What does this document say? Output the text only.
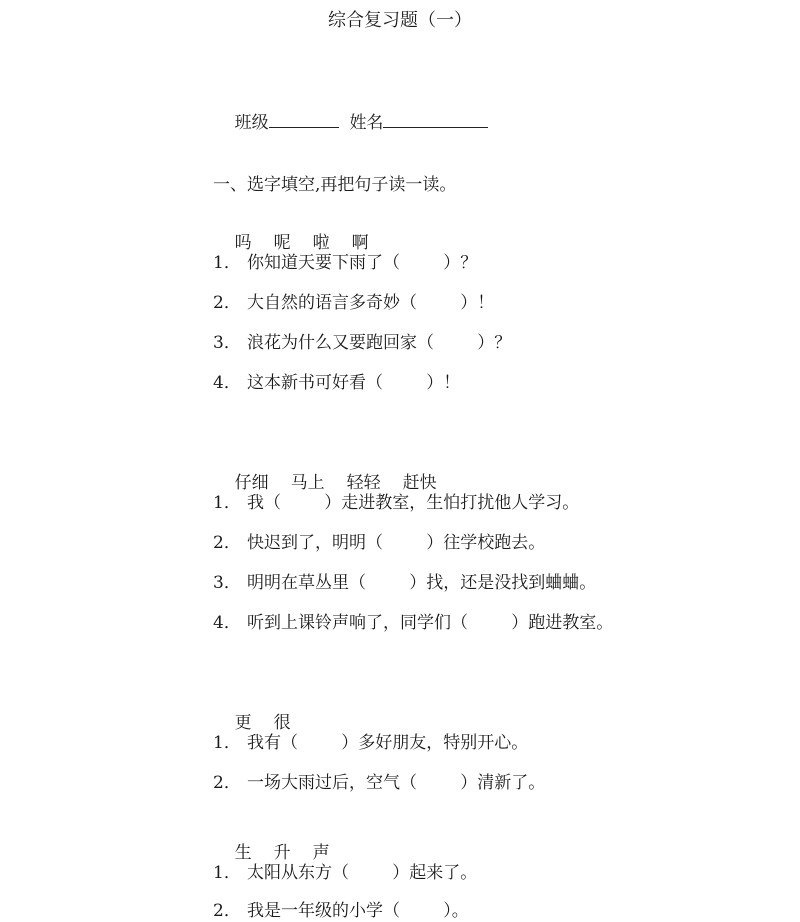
综合复习题（一）

班级	姓名

一、选字填空,再把句子读一读。

吗 呢 啦 啊

1． 你知道天要下雨了（        ）？
2． 大自然的语言多奇妙（        ）！
3． 浪花为什么又要跑回家（        ）？
4． 这本新书可好看（        ）！

仔细 马上 轻轻 赶快

1． 我（        ）走进教室，生怕打扰他人学习。
2． 快迟到了，明明（        ）往学校跑去。
3． 明明在草丛里（        ）找，还是没找到蛐蛐。
4． 听到上课铃声响了，同学们（        ）跑进教室。

更 很

1． 我有（        ）多好朋友，特别开心。
2． 一场大雨过后，空气（        ）清新了。

生 升 声

1． 太阳从东方（        ）起来了。
2． 我是一年级的小学（        ）。
